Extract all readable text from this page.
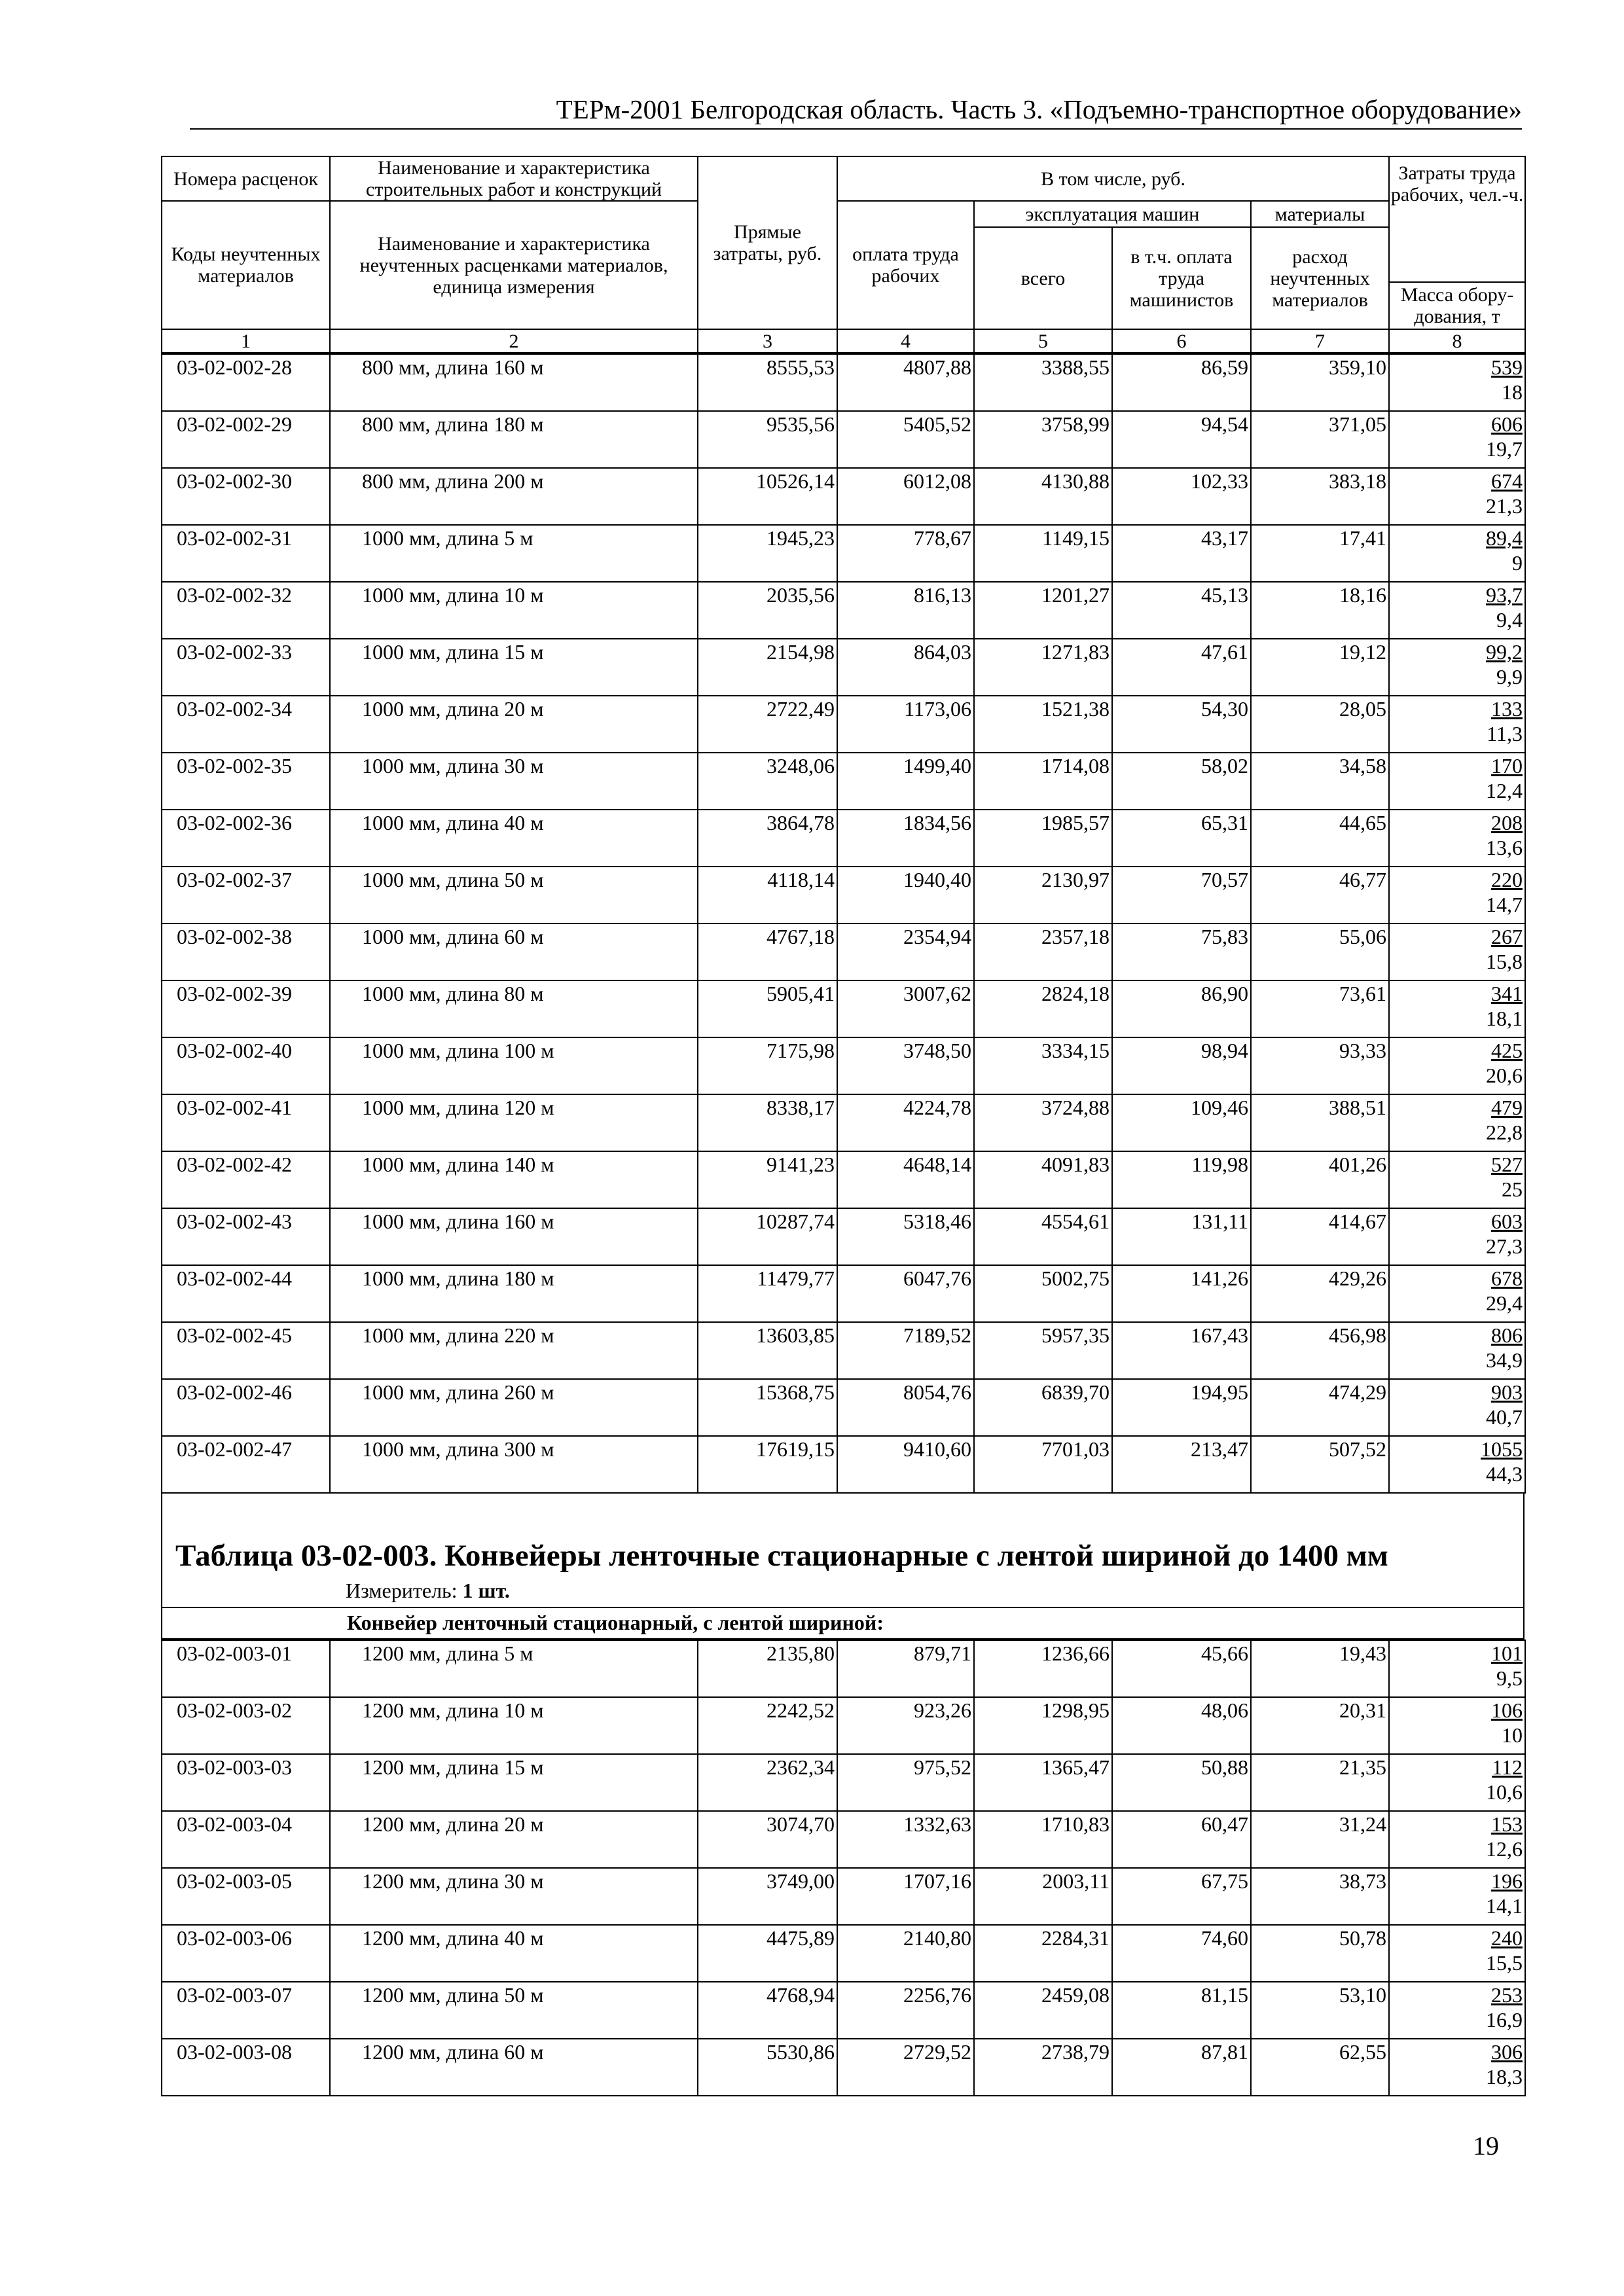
ТЕРм-2001 Белгородская область. Часть 3. «Подъемно-транспортное оборудование»
Номера расценок	Наименование и характеристика строительных работ и конструкций	Прямые затраты, руб.	В том числе, руб.				Затраты труда рабочих, чел.-ч.
Масса обору-дования, т

Коды неучтенных материалов	Наименование и характеристика неучтенных расценками материалов, единица измерения		оплата труда рабочих	эксплуатация машин		материалы	
				всего	в т.ч. оплата труда машинистов	расход неучтенных материалов	
1	2	3	4	5	6	7	8
03-02-002-28	800 мм, длина 160 м	8555,53	4807,88	3388,55	86,59	359,10	539
18

03-02-002-29	800 мм, длина 180 м	9535,56	5405,52	3758,99	94,54	371,05	606
19,7

03-02-002-30	800 мм, длина 200 м	10526,14	6012,08	4130,88	102,33	383,18	674
21,3

03-02-002-31	1000 мм, длина 5 м	1945,23	778,67	1149,15	43,17	17,41	89,4
9

03-02-002-32	1000 мм, длина 10 м	2035,56	816,13	1201,27	45,13	18,16	93,7
9,4

03-02-002-33	1000 мм, длина 15 м	2154,98	864,03	1271,83	47,61	19,12	99,2
9,9

03-02-002-34	1000 мм, длина 20 м	2722,49	1173,06	1521,38	54,30	28,05	133
11,3

03-02-002-35	1000 мм, длина 30 м	3248,06	1499,40	1714,08	58,02	34,58	170
12,4

03-02-002-36	1000 мм, длина 40 м	3864,78	1834,56	1985,57	65,31	44,65	208
13,6

03-02-002-37	1000 мм, длина 50 м	4118,14	1940,40	2130,97	70,57	46,77	220
14,7

03-02-002-38	1000 мм, длина 60 м	4767,18	2354,94	2357,18	75,83	55,06	267
15,8

03-02-002-39	1000 мм, длина 80 м	5905,41	3007,62	2824,18	86,90	73,61	341
18,1

03-02-002-40	1000 мм, длина 100 м	7175,98	3748,50	3334,15	98,94	93,33	425
20,6

03-02-002-41	1000 мм, длина 120 м	8338,17	4224,78	3724,88	109,46	388,51	479
22,8

03-02-002-42	1000 мм, длина 140 м	9141,23	4648,14	4091,83	119,98	401,26	527
25

03-02-002-43	1000 мм, длина 160 м	10287,74	5318,46	4554,61	131,11	414,67	603
27,3

03-02-002-44	1000 мм, длина 180 м	11479,77	6047,76	5002,75	141,26	429,26	678
29,4

03-02-002-45	1000 мм, длина 220 м	13603,85	7189,52	5957,35	167,43	456,98	806
34,9

03-02-002-46	1000 мм, длина 260 м	15368,75	8054,76	6839,70	194,95	474,29	903
40,7

03-02-002-47	1000 мм, длина 300 м	17619,15	9410,60	7701,03	213,47	507,52	1055
44,3
Таблица 03-02-003. Конвейеры ленточные стационарные с лентой шириной до 1400 мм
Измеритель: 1 шт.
Конвейер ленточный стационарный, с лентой шириной:
03-02-003-01	1200 мм, длина 5 м	2135,80	879,71	1236,66	45,66	19,43	101
9,5

03-02-003-02	1200 мм, длина 10 м	2242,52	923,26	1298,95	48,06	20,31	106
10

03-02-003-03	1200 мм, длина 15 м	2362,34	975,52	1365,47	50,88	21,35	112
10,6

03-02-003-04	1200 мм, длина 20 м	3074,70	1332,63	1710,83	60,47	31,24	153
12,6

03-02-003-05	1200 мм, длина 30 м	3749,00	1707,16	2003,11	67,75	38,73	196
14,1

03-02-003-06	1200 мм, длина 40 м	4475,89	2140,80	2284,31	74,60	50,78	240
15,5

03-02-003-07	1200 мм, длина 50 м	4768,94	2256,76	2459,08	81,15	53,10	253
16,9

03-02-003-08	1200 мм, длина 60 м	5530,86	2729,52	2738,79	87,81	62,55	306
18,3
19
